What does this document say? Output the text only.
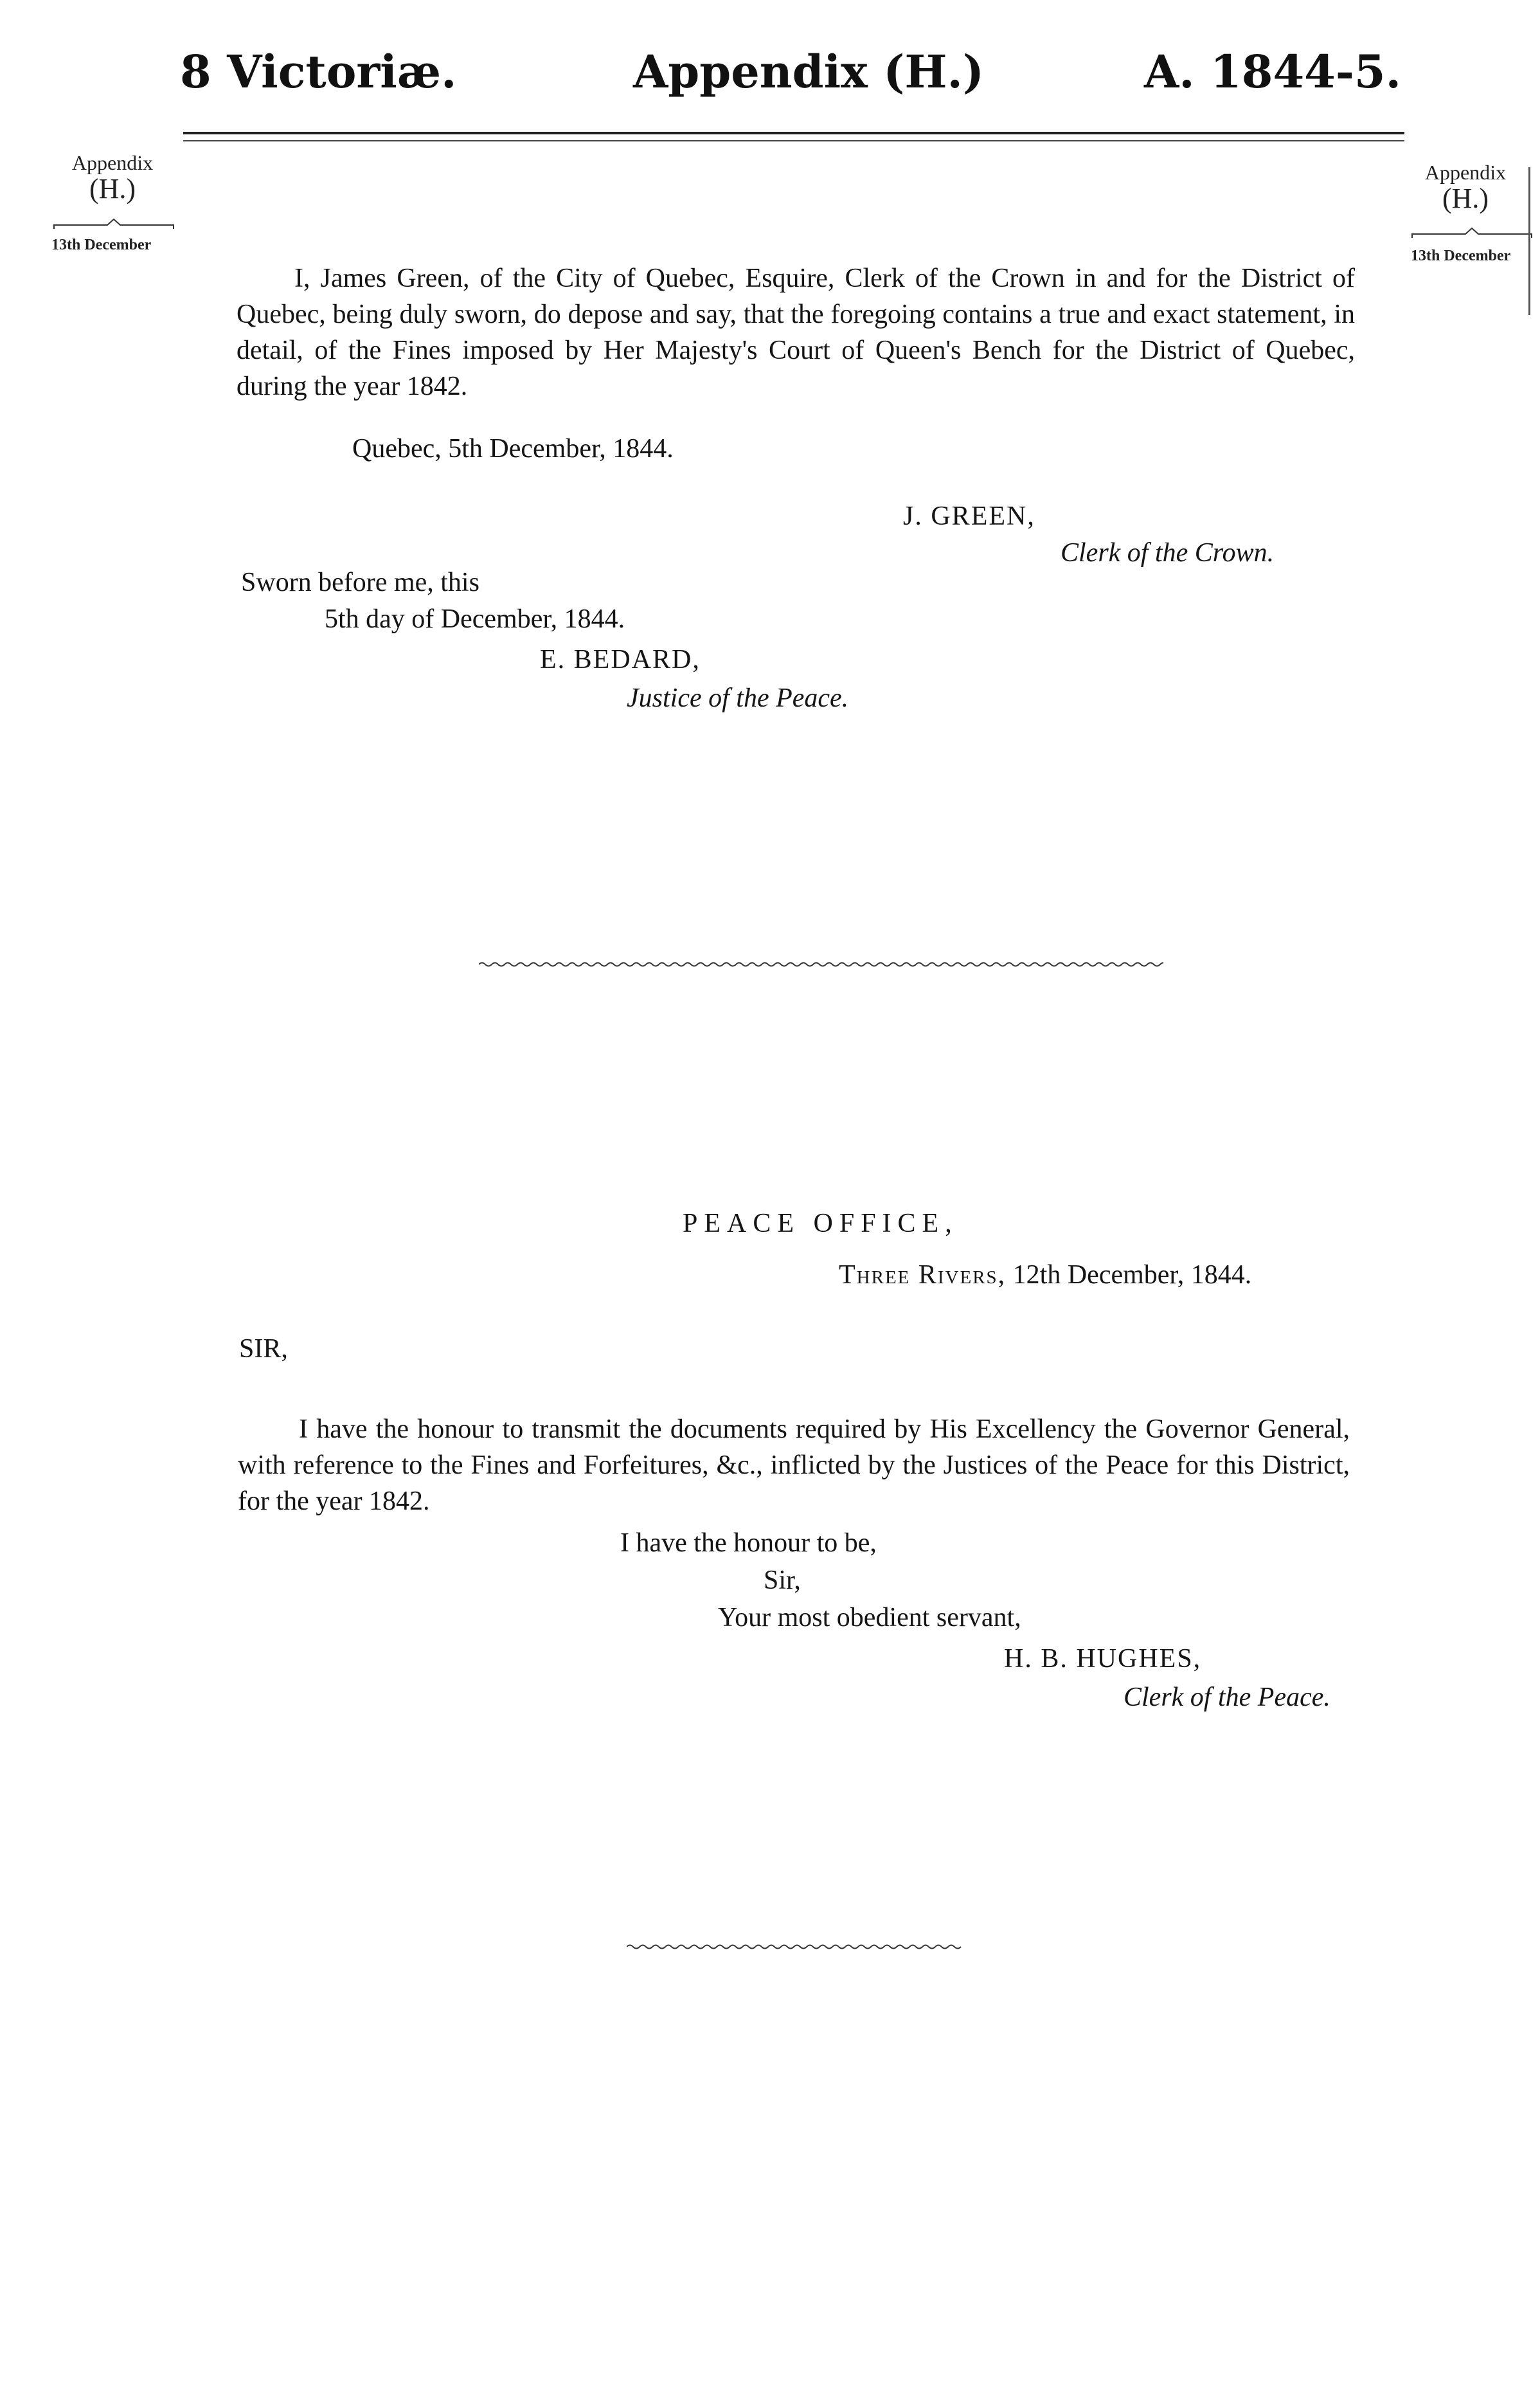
8 Victoriæ.	Appendix (H.)	A. 1844-5.
Appendix
(H.)
13th December
Appendix
(H.)
13th December
I, James Green, of the City of Quebec, Esquire, Clerk of the Crown in and for the District of Quebec, being duly sworn, do depose and say, that the foregoing contains a true and exact statement, in detail, of the Fines imposed by Her Majesty's Court of Queen's Bench for the District of Quebec, during the year 1842.
Quebec, 5th December, 1844.
J. GREEN,
Clerk of the Crown.
Sworn before me, this
5th day of December, 1844.
E. BEDARD,
Justice of the Peace.
PEACE OFFICE,
Three Rivers, 12th December, 1844.
SIR,
I have the honour to transmit the documents required by His Excellency the Governor General, with reference to the Fines and Forfeitures, &c., inflicted by the Justices of the Peace for this District, for the year 1842.
I have the honour to be,
Sir,
Your most obedient servant,
H. B. HUGHES,
Clerk of the Peace.
